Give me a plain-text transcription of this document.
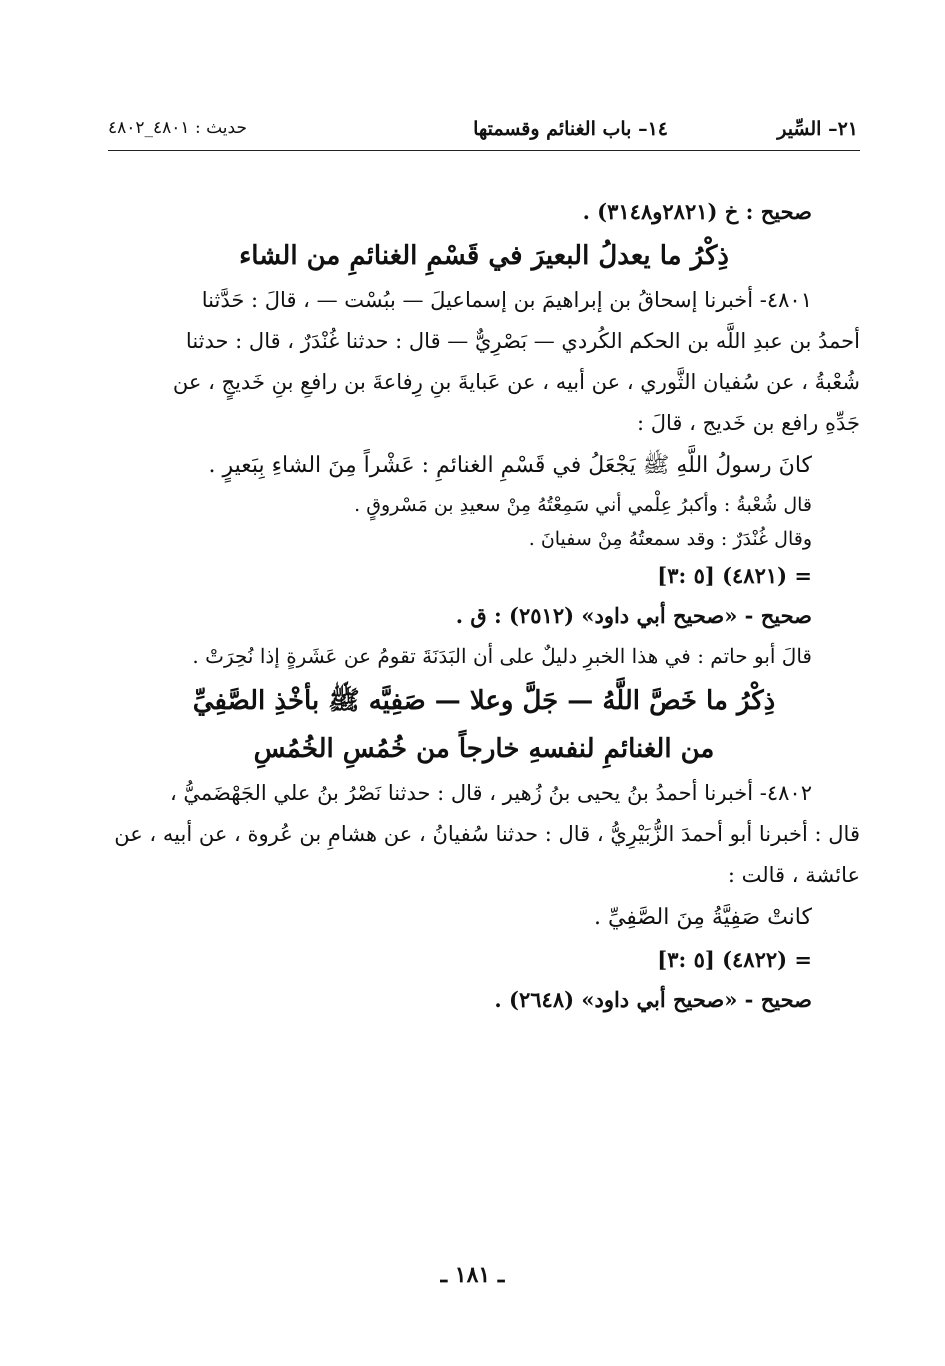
٢١– السِّير
١٤– باب الغنائم وقسمتها
حديث : ٤٨٠١_٤٨٠٢

صحيح : خ (٢٨٢١و٣١٤٨) .

ذِكْرُ ما يعدلُ البعيرَ في قَسْمِ الغنائمِ من الشاء

٤٨٠١- أخبرنا إسحاقُ بن إبراهيمَ بن إسماعيلَ — ببُسْت — ، قالَ : حَدَّثنا

أحمدُ بن عبدِ اللَّه بن الحكم الكُردي — بَصْرِيٌّ — قال : حدثنا غُنْدَرٌ ، قال : حدثنا

شُعْبةُ ، عن سُفيان الثَّوري ، عن أبيه ، عن عَبايةَ بنِ رِفاعةَ بن رافعِ بنِ خَديجٍ ، عن

جَدِّهِ رافع بن خَديج ، قالَ :

كانَ رسولُ اللَّهِ ﷺ يَجْعَلُ في قَسْمِ الغنائمِ : عَشْراً مِنَ الشاءِ بِبَعيرٍ .

قال شُعْبةُ : وأكبرُ عِلْمي أني سَمِعْتُهُ مِنْ سعيدِ بن مَسْروقٍ .

وقال غُنْدَرٌ : وقد سمعتُهُ مِنْ سفيانَ .

= (٤٨٢١) [٥ :٣]

صحيح - «صحيح أبي داود» (٢٥١٢) : ق .

قالَ أبو حاتم : في هذا الخبرِ دليلٌ على أن البَدَنَةَ تقومُ عن عَشَرةٍ إذا نُحِرَتْ .

ذِكْرُ ما خَصَّ اللَّهُ — جَلَّ وعلا — صَفِيَّه ﷺ بأخْذِ الصَّفِيِّ

من الغنائمِ لنفسهِ خارجاً من خُمُسِ الخُمُسِ

٤٨٠٢- أخبرنا أحمدُ بنُ يحيى بنُ زُهير ، قال : حدثنا نَصْرُ بنُ علي الجَهْضَميُّ ،

قال : أخبرنا أبو أحمدَ الزُّبَيْرِيُّ ، قال : حدثنا سُفيانُ ، عن هشامِ بن عُروة ، عن أبيه ، عن

عائشة ، قالت :

كانتْ صَفِيَّةُ مِنَ الصَّفِيِّ .

= (٤٨٢٢) [٥ :٣]

صحيح - «صحيح أبي داود» (٢٦٤٨) .

ـ ١٨١ ـ
